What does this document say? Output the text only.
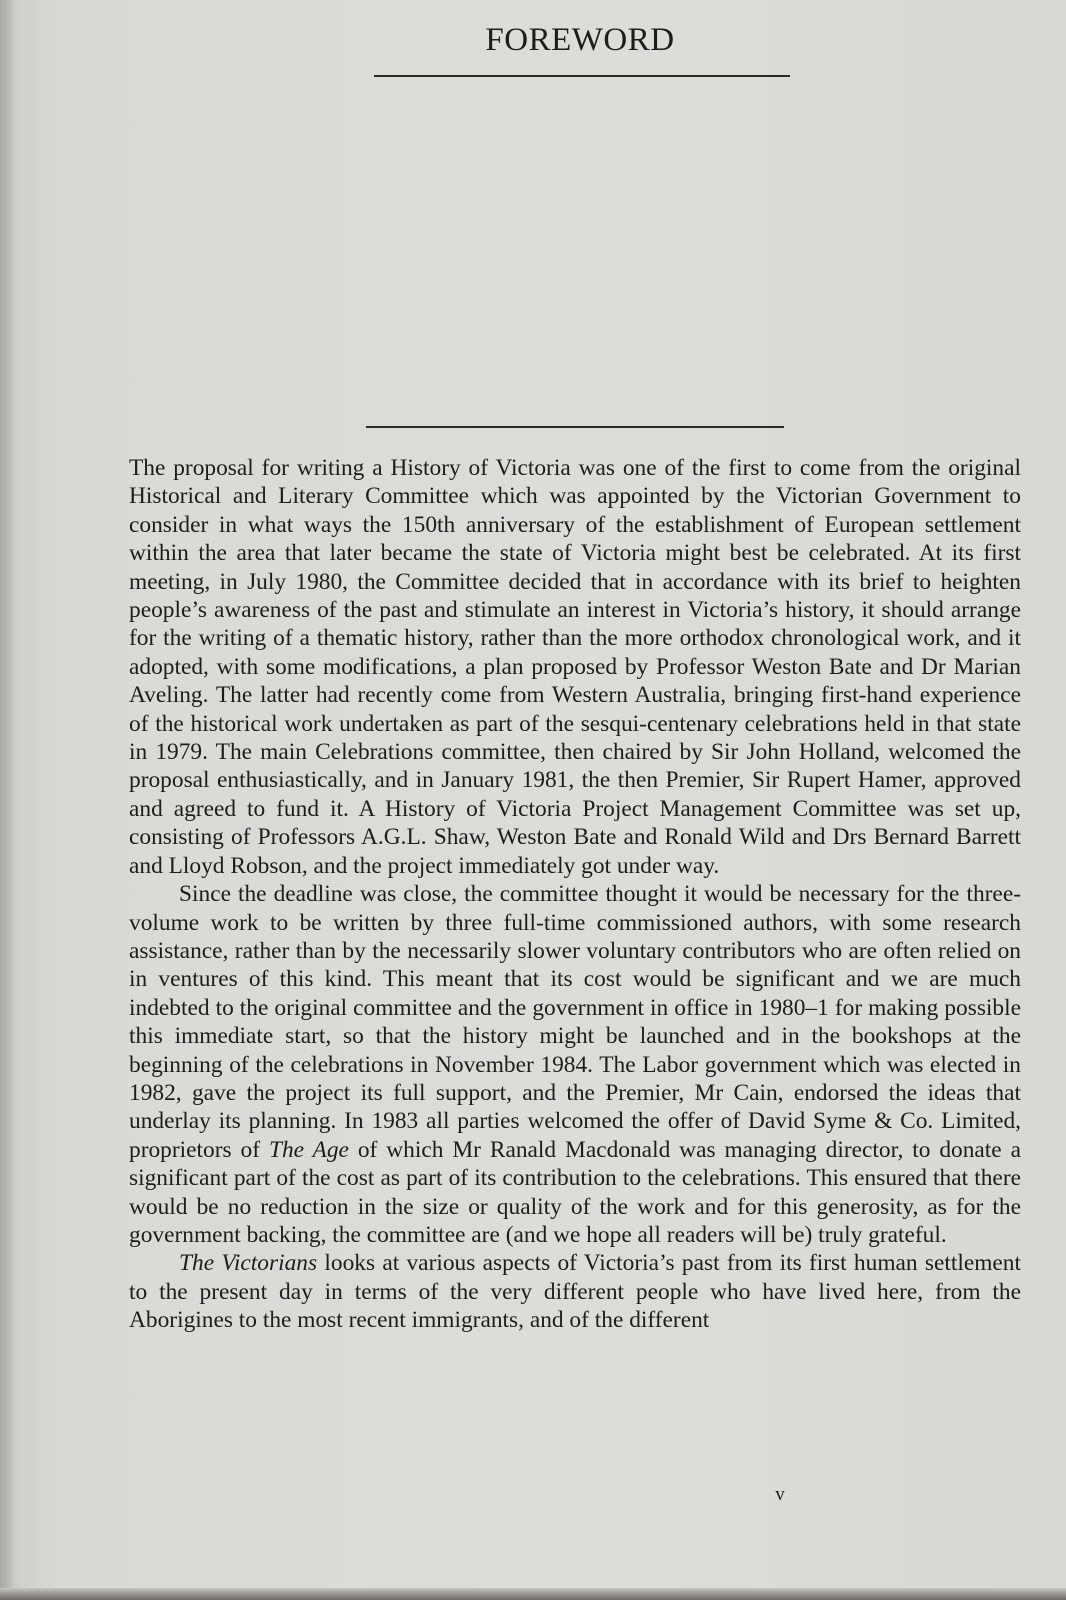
FOREWORD

The proposal for writing a History of Victoria was one of the first to come from the original Historical and Literary Committee which was appointed by the Victorian Government to consider in what ways the 150th anniversary of the establishment of European settlement within the area that later became the state of Victoria might best be celebrated. At its first meeting, in July 1980, the Committee decided that in accordance with its brief to heighten people’s awareness of the past and stimulate an interest in Victoria’s history, it should arrange for the writing of a thematic history, rather than the more orthodox chronological work, and it adopted, with some modifications, a plan proposed by Professor Weston Bate and Dr Marian Aveling. The latter had recently come from Western Australia, bringing first-hand experience of the historical work undertaken as part of the sesqui-centenary celebrations held in that state in 1979. The main Celebrations committee, then chaired by Sir John Holland, welcomed the proposal enthusiastically, and in January 1981, the then Premier, Sir Rupert Hamer, approved and agreed to fund it. A History of Victoria Project Management Committee was set up, consisting of Professors A.G.L. Shaw, Weston Bate and Ronald Wild and Drs Bernard Barrett and Lloyd Robson, and the project immediately got under way.

Since the deadline was close, the committee thought it would be necessary for the three-volume work to be written by three full-time commissioned authors, with some research assistance, rather than by the necessarily slower voluntary contributors who are often relied on in ventures of this kind. This meant that its cost would be significant and we are much indebted to the original committee and the government in office in 1980–1 for making possible this immediate start, so that the history might be launched and in the bookshops at the beginning of the celebrations in November 1984. The Labor government which was elected in 1982, gave the project its full support, and the Premier, Mr Cain, endorsed the ideas that underlay its planning. In 1983 all parties welcomed the offer of David Syme & Co. Limited, proprietors of The Age of which Mr Ranald Macdonald was managing director, to donate a significant part of the cost as part of its contribution to the celebrations. This ensured that there would be no reduction in the size or quality of the work and for this generosity, as for the government backing, the committee are (and we hope all readers will be) truly grateful.

The Victorians looks at various aspects of Victoria’s past from its first human settlement to the present day in terms of the very different people who have lived here, from the Aborigines to the most recent immigrants, and of the different

v
